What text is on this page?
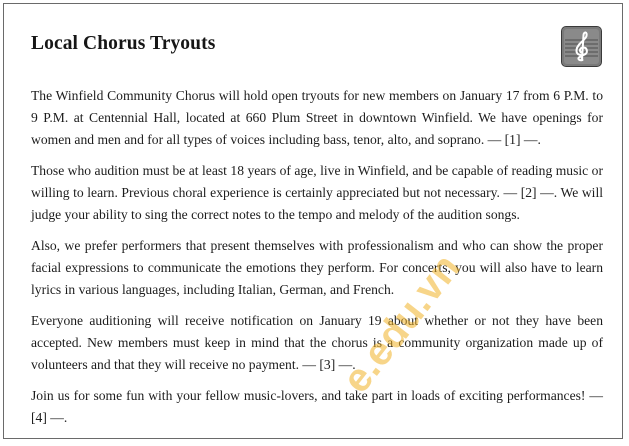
Local Chorus Tryouts

The Winfield Community Chorus will hold open tryouts for new members on January 17 from 6 P.M. to 9 P.M. at Centennial Hall, located at 660 Plum Street in downtown Winfield. We have openings for women and men and for all types of voices including bass, tenor, alto, and soprano. — [1] —.

Those who audition must be at least 18 years of age, live in Winfield, and be capable of reading music or willing to learn. Previous choral experience is certainly appreciated but not necessary. — [2] —. We will judge your ability to sing the correct notes to the tempo and melody of the audition songs.

Also, we prefer performers that present themselves with professionalism and who can show the proper facial expressions to communicate the emotions they perform. For concerts, you will also have to learn lyrics in various languages, including Italian, German, and French.

Everyone auditioning will receive notification on January 19 about whether or not they have been accepted. New members must keep in mind that the chorus is a community organization made up of volunteers and that they will receive no payment. — [3] —.

Join us for some fun with your fellow music-lovers, and take part in loads of exciting performances! — [4] —.

e.edu.vn
